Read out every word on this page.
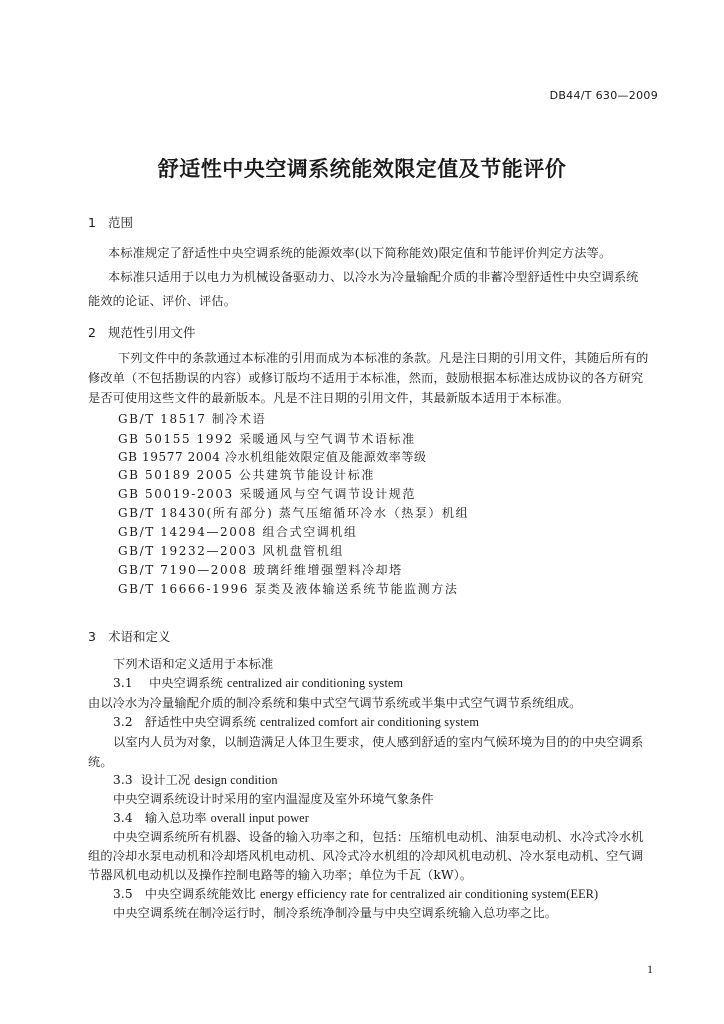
DB44/T 630—2009
舒适性中央空调系统能效限定值及节能评价
1 范围
本标准规定了舒适性中央空调系统的能源效率(以下简称能效)限定值和节能评价判定方法等。
本标准只适用于以电力为机械设备驱动力、以冷水为冷量输配介质的非蓄冷型舒适性中央空调系统
能效的论证、评价、评估。
2 规范性引用文件
下列文件中的条款通过本标准的引用而成为本标准的条款。凡是注日期的引用文件，其随后所有的
修改单（不包括勘误的内容）或修订版均不适用于本标准，然而，鼓励根据本标准达成协议的各方研究
是否可使用这些文件的最新版本。凡是不注日期的引用文件，其最新版本适用于本标准。
GB/T 18517 制冷术语
GB 50155 1992 采暖通风与空气调节术语标准
GB 19577 2004 冷水机组能效限定值及能源效率等级
GB 50189 2005 公共建筑节能设计标准
GB 50019-2003 采暖通风与空气调节设计规范
GB/T 18430(所有部分) 蒸气压缩循环冷水（热泵）机组
GB/T 14294—2008 组合式空调机组
GB/T 19232—2003 风机盘管机组
GB/T 7190—2008 玻璃纤维增强塑料冷却塔
GB/T 16666-1996 泵类及液体输送系统节能监测方法
3 术语和定义
下列术语和定义适用于本标准
3.1 中央空调系统 centralized air conditioning system
由以冷水为冷量输配介质的制冷系统和集中式空气调节系统或半集中式空气调节系统组成。
3.2 舒适性中央空调系统 centralized comfort air conditioning system
以室内人员为对象，以制造满足人体卫生要求，使人感到舒适的室内气候环境为目的的中央空调系
统。
3.3 设计工况 design condition
中央空调系统设计时采用的室内温湿度及室外环境气象条件
3.4 输入总功率 overall input power
中央空调系统所有机器、设备的输入功率之和，包括：压缩机电动机、油泵电动机、水冷式冷水机
组的冷却水泵电动机和冷却塔风机电动机、风冷式冷水机组的冷却风机电动机、冷水泵电动机、空气调
节器风机电动机以及操作控制电路等的输入功率；单位为千瓦（kW）。
3.5 中央空调系统能效比 energy efficiency rate for centralized air conditioning system(EER)
中央空调系统在制冷运行时，制冷系统净制冷量与中央空调系统输入总功率之比。
1
